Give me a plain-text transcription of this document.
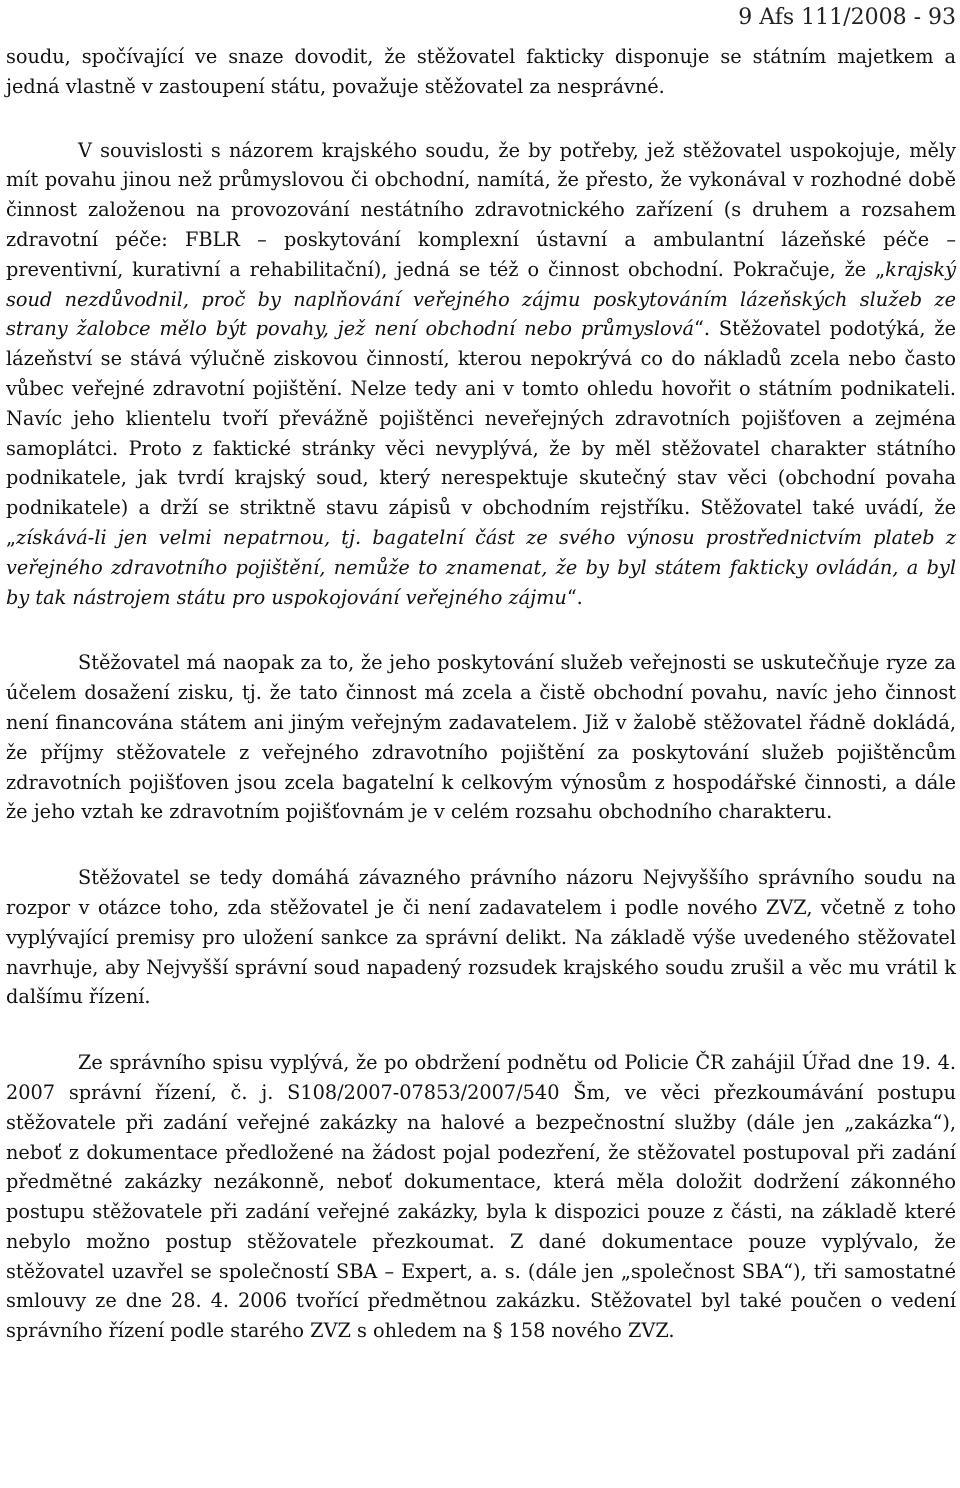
9 Afs 111/2008 - 93

soudu, spočívající ve snaze dovodit, že stěžovatel fakticky disponuje se státním majetkem a jedná vlastně v zastoupení státu, považuje stěžovatel za nesprávné.

V souvislosti s názorem krajského soudu, že by potřeby, jež stěžovatel uspokojuje, měly mít povahu jinou než průmyslovou či obchodní, namítá, že přesto, že vykonával v rozhodné době činnost založenou na provozování nestátního zdravotnického zařízení (s druhem a rozsahem zdravotní péče: FBLR – poskytování komplexní ústavní a ambulantní lázeňské péče – preventivní, kurativní a rehabilitační), jedná se též o činnost obchodní. Pokračuje, že „krajský soud nezdůvodnil, proč by naplňování veřejného zájmu poskytováním lázeňských služeb ze strany žalobce mělo být povahy, jež není obchodní nebo průmyslová“. Stěžovatel podotýká, že lázeňství se stává výlučně ziskovou činností, kterou nepokrývá co do nákladů zcela nebo často vůbec veřejné zdravotní pojištění. Nelze tedy ani v tomto ohledu hovořit o státním podnikateli. Navíc jeho klientelu tvoří převážně pojištěnci neveřejných zdravotních pojišťoven a zejména samoplátci. Proto z faktické stránky věci nevyplývá, že by měl stěžovatel charakter státního podnikatele, jak tvrdí krajský soud, který nerespektuje skutečný stav věci (obchodní povaha podnikatele) a drží se striktně stavu zápisů v obchodním rejstříku. Stěžovatel také uvádí, že „získává-li jen velmi nepatrnou, tj. bagatelní část ze svého výnosu prostřednictvím plateb z veřejného zdravotního pojištění, nemůže to znamenat, že by byl státem fakticky ovládán, a byl by tak nástrojem státu pro uspokojování veřejného zájmu“.

Stěžovatel má naopak za to, že jeho poskytování služeb veřejnosti se uskutečňuje ryze za účelem dosažení zisku, tj. že tato činnost má zcela a čistě obchodní povahu, navíc jeho činnost není financována státem ani jiným veřejným zadavatelem. Již v žalobě stěžovatel řádně dokládá, že příjmy stěžovatele z veřejného zdravotního pojištění za poskytování služeb pojištěncům zdravotních pojišťoven jsou zcela bagatelní k celkovým výnosům z hospodářské činnosti, a dále že jeho vztah ke zdravotním pojišťovnám je v celém rozsahu obchodního charakteru.

Stěžovatel se tedy domáhá závazného právního názoru Nejvyššího správního soudu na rozpor v otázce toho, zda stěžovatel je či není zadavatelem i podle nového ZVZ, včetně z toho vyplývající premisy pro uložení sankce za správní delikt. Na základě výše uvedeného stěžovatel navrhuje, aby Nejvyšší správní soud napadený rozsudek krajského soudu zrušil a věc mu vrátil k dalšímu řízení.

Ze správního spisu vyplývá, že po obdržení podnětu od Policie ČR zahájil Úřad dne 19. 4. 2007 správní řízení, č. j. S108/2007-07853/2007/540 Šm, ve věci přezkoumávání postupu stěžovatele při zadání veřejné zakázky na halové a bezpečnostní služby (dále jen „zakázka“), neboť z dokumentace předložené na žádost pojal podezření, že stěžovatel postupoval při zadání předmětné zakázky nezákonně, neboť dokumentace, která měla doložit dodržení zákonného postupu stěžovatele při zadání veřejné zakázky, byla k dispozici pouze z části, na základě které nebylo možno postup stěžovatele přezkoumat. Z dané dokumentace pouze vyplývalo, že stěžovatel uzavřel se společností SBA – Expert, a. s. (dále jen „společnost SBA“), tři samostatné smlouvy ze dne 28. 4. 2006 tvořící předmětnou zakázku. Stěžovatel byl také poučen o vedení správního řízení podle starého ZVZ s ohledem na § 158 nového ZVZ.
